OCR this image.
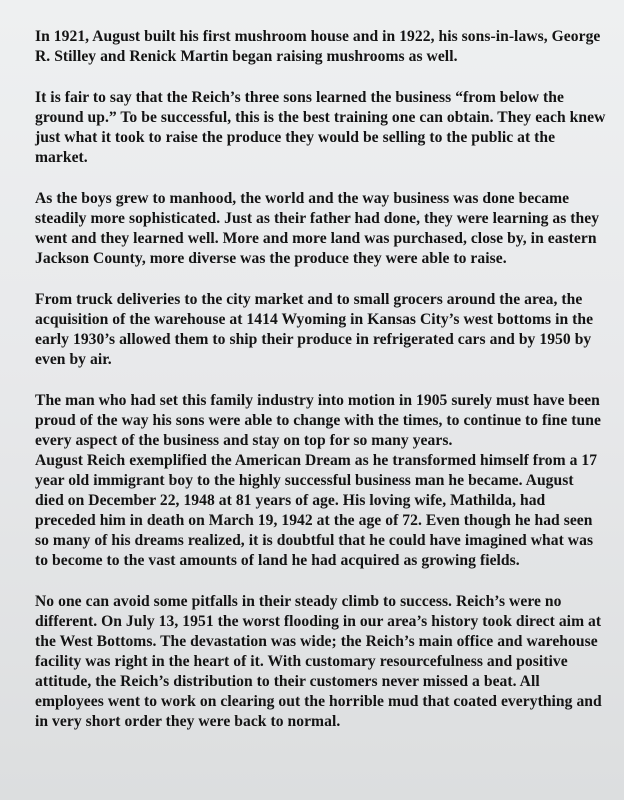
In 1921, August built his first mushroom house and in 1922, his sons-in-laws, George R. Stilley and Renick Martin began raising mushrooms as well.

It is fair to say that the Reich’s three sons learned the business “from below the ground up.” To be successful, this is the best training one can obtain. They each knew just what it took to raise the produce they would be selling to the public at the market.

As the boys grew to manhood, the world and the way business was done became steadily more sophisticated. Just as their father had done, they were learning as they went and they learned well. More and more land was purchased, close by, in eastern Jackson County, more diverse was the produce they were able to raise.

From truck deliveries to the city market and to small grocers around the area, the acquisition of the warehouse at 1414 Wyoming in Kansas City’s west bottoms in the early 1930’s allowed them to ship their produce in refrigerated cars and by 1950 by even by air.

The man who had set this family industry into motion in 1905 surely must have been proud of the way his sons were able to change with the times, to continue to fine tune every aspect of the business and stay on top for so many years.

August Reich exemplified the American Dream as he transformed himself from a 17 year old immigrant boy to the highly successful business man he became. August died on December 22, 1948 at 81 years of age. His loving wife, Mathilda, had preceded him in death on March 19, 1942 at the age of 72. Even though he had seen so many of his dreams realized, it is doubtful that he could have imagined what was to become to the vast amounts of land he had acquired as growing fields.

No one can avoid some pitfalls in their steady climb to success. Reich’s were no different. On July 13, 1951 the worst flooding in our area’s history took direct aim at the West Bottoms. The devastation was wide; the Reich’s main office and warehouse facility was right in the heart of it. With customary resourcefulness and positive attitude, the Reich’s distribution to their customers never missed a beat. All employees went to work on clearing out the horrible mud that coated everything and in very short order they were back to normal.
